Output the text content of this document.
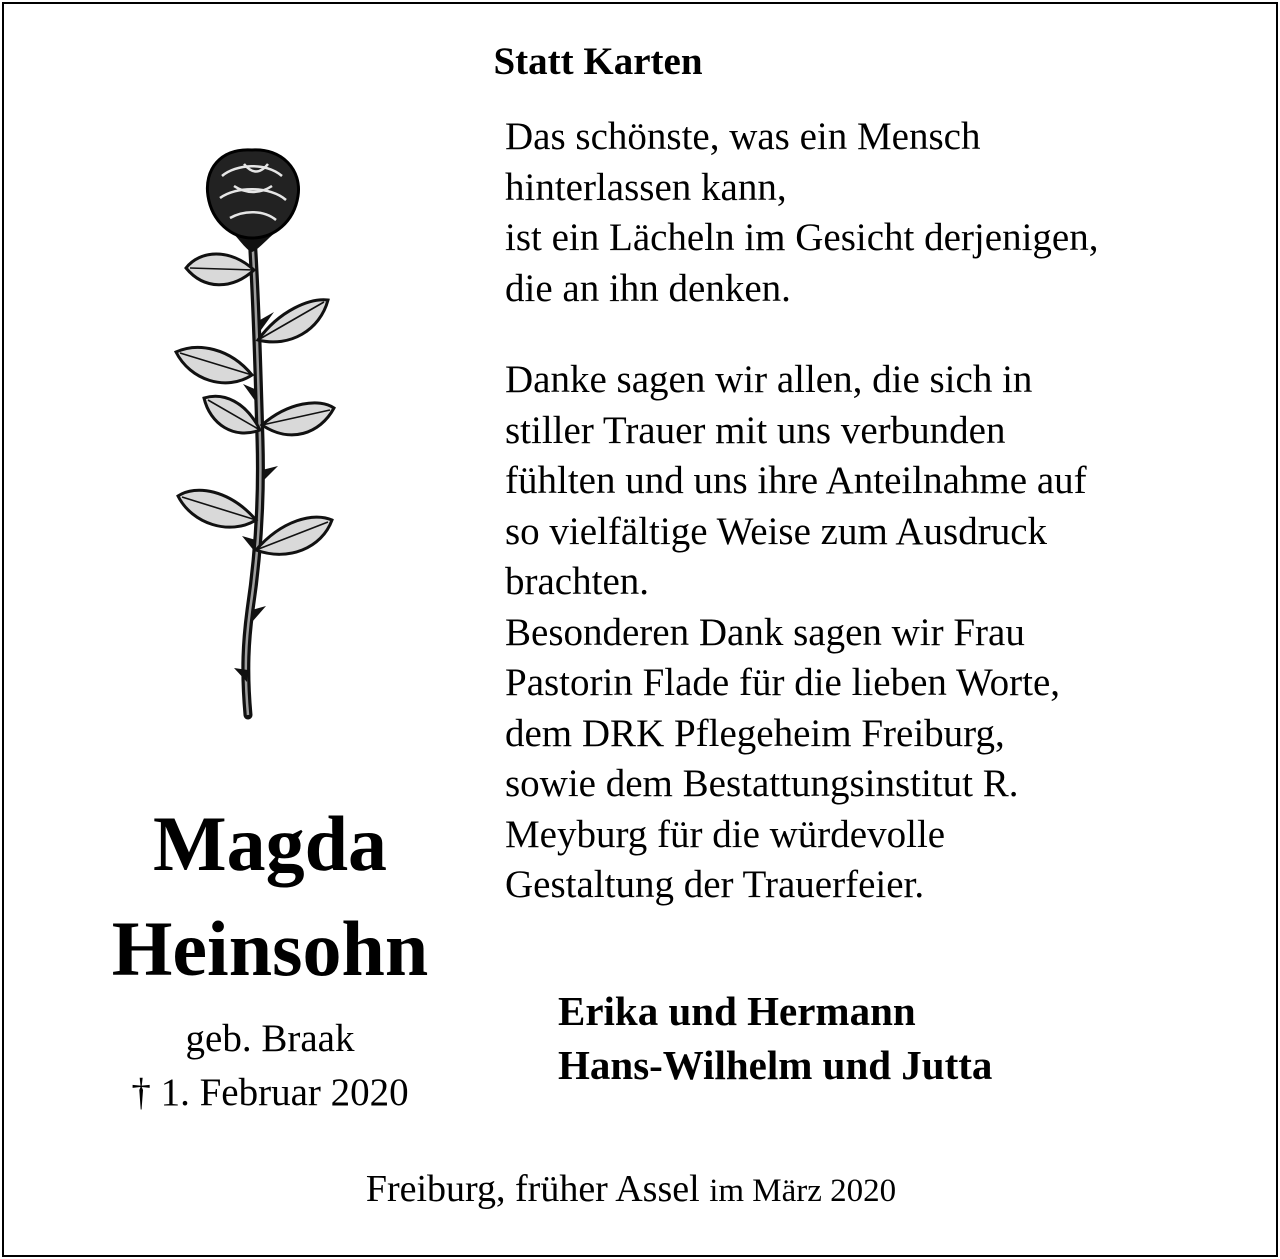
Statt Karten
Das schönste, was ein Mensch
hinterlassen kann,
ist ein Lächeln im Gesicht derjenigen,
die an ihn denken.
Danke sagen wir allen, die sich in
stiller Trauer mit uns verbunden
fühlten und uns ihre Anteilnahme auf
so vielfältige Weise zum Ausdruck
brachten.
Besonderen Dank sagen wir Frau
Pastorin Flade für die lieben Worte,
dem DRK Pflegeheim Freiburg,
sowie dem Bestattungsinstitut R.
Meyburg für die würdevolle
Gestaltung der Trauerfeier.
Magda
Heinsohn
geb. Braak
† 1. Februar 2020
Erika und Hermann
Hans-Wilhelm und Jutta
Freiburg, früher Assel im März 2020
